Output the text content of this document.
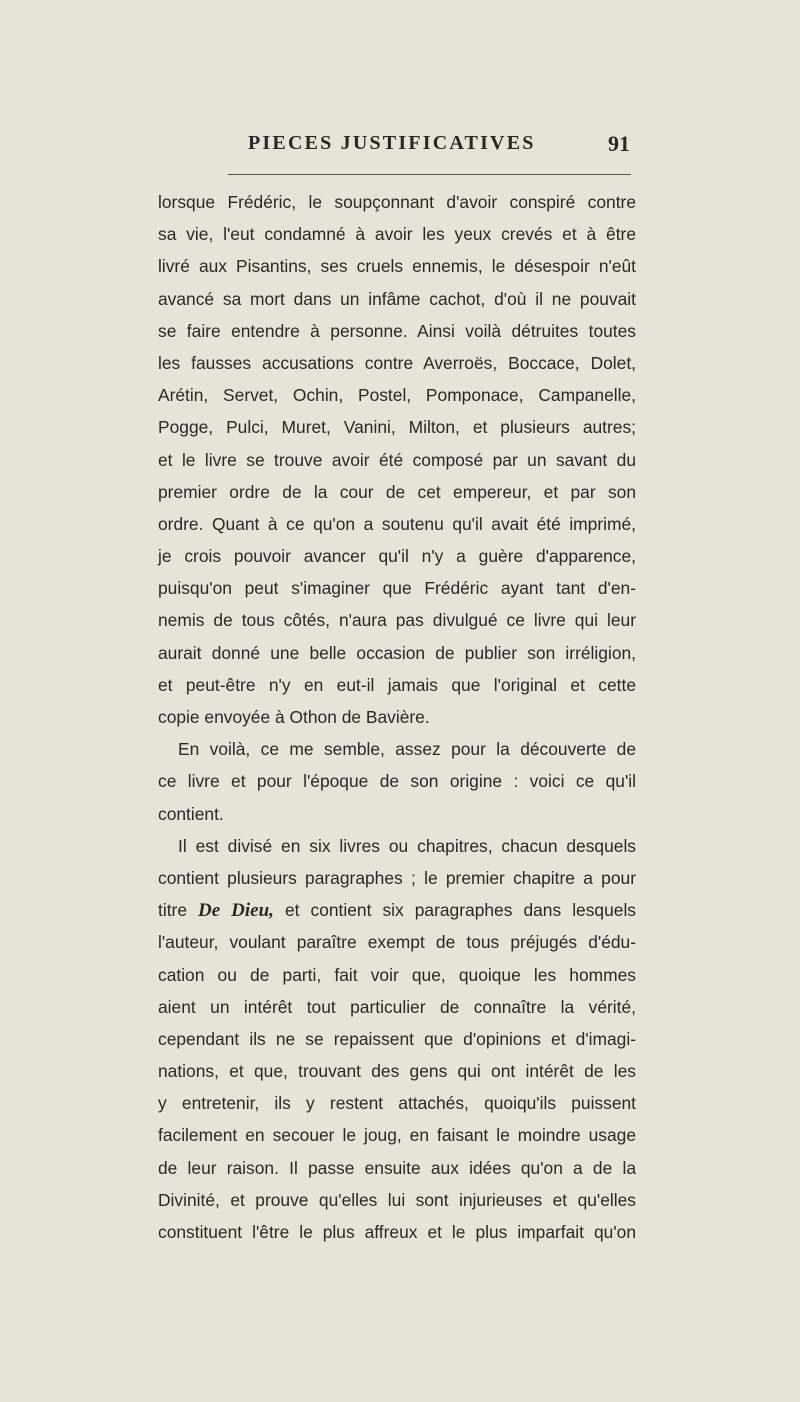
PIECES JUSTIFICATIVES	91
lorsque Frédéric, le soupçonnant d'avoir conspiré contre
sa vie, l'eut condamné à avoir les yeux crevés et à être
livré aux Pisantins, ses cruels ennemis, le désespoir n'eût
avancé sa mort dans un infâme cachot, d'où il ne pouvait
se faire entendre à personne. Ainsi voilà détruites toutes
les fausses accusations contre Averroës, Boccace, Dolet,
Arétin, Servet, Ochin, Postel, Pomponace, Campanelle,
Pogge, Pulci, Muret, Vanini, Milton, et plusieurs autres;
et le livre se trouve avoir été composé par un savant du
premier ordre de la cour de cet empereur, et par son
ordre. Quant à ce qu'on a soutenu qu'il avait été imprimé,
je crois pouvoir avancer qu'il n'y a guère d'apparence,
puisqu'on peut s'imaginer que Frédéric ayant tant d'en-
nemis de tous côtés, n'aura pas divulgué ce livre qui leur
aurait donné une belle occasion de publier son irréligion,
et peut-être n'y en eut-il jamais que l'original et cette
copie envoyée à Othon de Bavière.
En voilà, ce me semble, assez pour la découverte de
ce livre et pour l'époque de son origine : voici ce qu'il
contient.
Il est divisé en six livres ou chapitres, chacun desquels
contient plusieurs paragraphes ; le premier chapitre a pour
titre De Dieu, et contient six paragraphes dans lesquels
l'auteur, voulant paraître exempt de tous préjugés d'édu-
cation ou de parti, fait voir que, quoique les hommes
aient un intérêt tout particulier de connaître la vérité,
cependant ils ne se repaissent que d'opinions et d'imagi-
nations, et que, trouvant des gens qui ont intérêt de les
y entretenir, ils y restent attachés, quoiqu'ils puissent
facilement en secouer le joug, en faisant le moindre usage
de leur raison. Il passe ensuite aux idées qu'on a de la
Divinité, et prouve qu'elles lui sont injurieuses et qu'elles
constituent l'être le plus affreux et le plus imparfait qu'on
